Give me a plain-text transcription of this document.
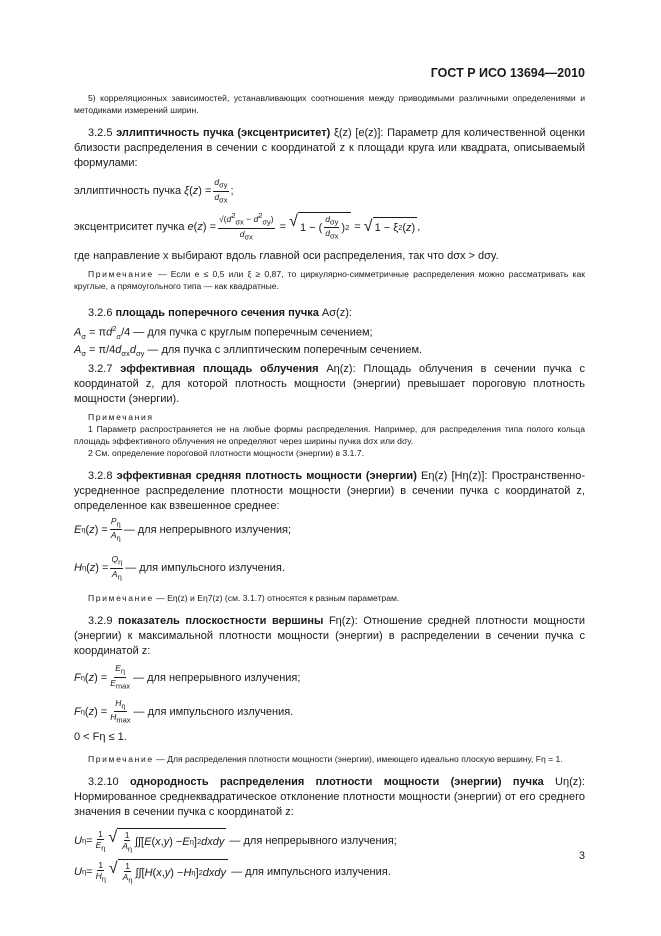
ГОСТ Р ИСО 13694—2010

5) корреляционных зависимостей, устанавливающих соотношения между приводимыми различными определениями и методиками измерений ширин.

3.2.5 эллиптичность пучка (эксцентриситет) ξ(z) [e(z)]: Параметр для количественной оценки близости распределения в сечении с координатой z к площади круга или квадрата, описываемый формулами:

эллиптичность пучка
ξ ( z ) = $\frac{d_{\sigma y}}{d_{\sigma x}}$ ;
эксцентриситет пучка
e ( z ) = $\frac{√(d^2_{\sigma x} - d^2_{\sigma y})}{d_{\sigma x}}$ = √ 1 − ( $\frac{d_{\sigma y}}{d_{\sigma x}}$ ) 2 = √ 1 − ξ 2 ( z ) ,

где направление x выбирают вдоль главной оси распределения, так что dσx > dσy.

Примечание — Если e ≤ 0,5 или ξ ≥ 0,87, то циркулярно-симметричные распределения можно рассматривать как круглые, а прямоугольного типа — как квадратные.

3.2.6 площадь поперечного сечения пучка Aσ(z):

$A_\sigma = \pi d^2_\sigma/4$ — для пучка с круглым поперечным сечением;

$A_\sigma = \pi/4d_{\sigma x}d_{\sigma y}$ — для пучка с эллиптическим поперечным сечением.

3.2.7 эффективная площадь облучения Aη(z): Площадь облучения в сечении пучка с координатой z, для которой плотность мощности (энергии) превышает пороговую плотность мощности (энергии).

Примечания

1 Параметр распространяется не на любые формы распределения. Например, для распределения типа полого кольца площадь эффективного облучения не определяют через ширины пучка dσx или dσy.

2 См. определение пороговой плотности мощности (энергии) в 3.1.7.

3.2.8 эффективная средняя плотность мощности (энергии) Eη(z) [Hη(z)]: Пространственно-усредненное распределение плотности мощности (энергии) в сечении пучка с координатой z, определенное как взвешенное среднее:

E η ( z ) = $\frac{P_\eta}{A_\eta}$ — для непрерывного излучения;
H η ( z ) = $\frac{Q_\eta}{A_\eta}$ — для импульсного излучения.

Примечание — Eη(z) и Eη7(z) (см. 3.1.7) относятся к разным параметрам.

3.2.9 показатель плоскостности вершины Fη(z): Отношение средней плотности мощности (энергии) к максимальной плотности мощности (энергии) в распределении в сечении пучка с координатой z:

F η ( z ) = $\frac{E_\eta}{E_{max}}$ — для непрерывного излучения;
F η ( z ) = $\frac{H_\eta}{H_{max}}$ — для импульсного излучения.

0 < Fη ≤ 1.

Примечание — Для распределения плотности мощности (энергии), имеющего идеально плоскую вершину, Fη = 1.

3.2.10 однородность распределения плотности мощности (энергии) пучка Uη(z): Нормированное среднеквадратическое отклонение плотности мощности (энергии) от его среднего значения в сечении пучка с координатой z:

U $\eta = \frac{1}{E_\eta}$ √ $\frac{1}{A_\eta}$ ∫∫[ E ( x , y ) − E η ] 2 dxdy
— для непрерывного излучения;
U $\eta = \frac{1}{H_\eta}$ √ $\frac{1}{A_\eta}$ ∫∫[ H ( x , y ) − H η ] 2 dxdy
— для импульсного излучения.
3
